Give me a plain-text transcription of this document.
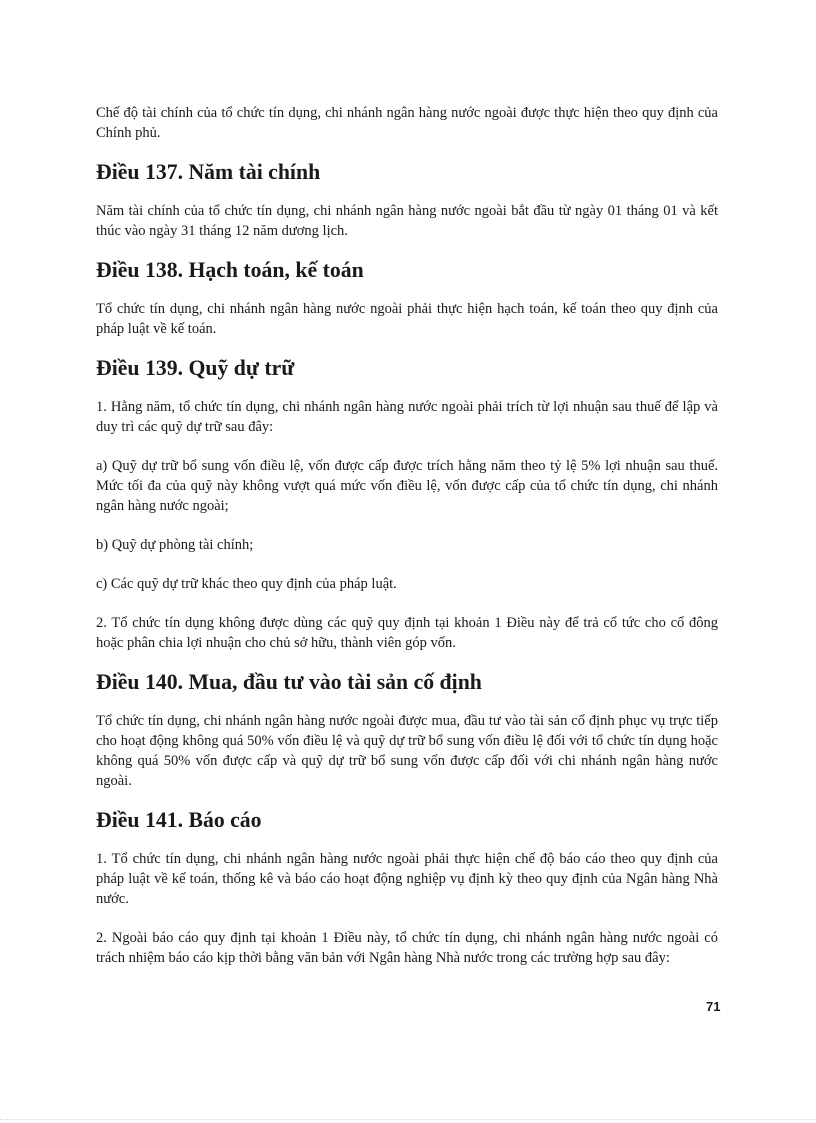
Chế độ tài chính của tổ chức tín dụng, chi nhánh ngân hàng nước ngoài được thực hiện theo quy định của Chính phủ.

Điều 137. Năm tài chính

Năm tài chính của tổ chức tín dụng, chi nhánh ngân hàng nước ngoài bắt đầu từ ngày 01 tháng 01 và kết thúc vào ngày 31 tháng 12 năm dương lịch.

Điều 138. Hạch toán, kế toán

Tổ chức tín dụng, chi nhánh ngân hàng nước ngoài phải thực hiện hạch toán, kế toán theo quy định của pháp luật về kế toán.

Điều 139. Quỹ dự trữ

1. Hằng năm, tổ chức tín dụng, chi nhánh ngân hàng nước ngoài phải trích từ lợi nhuận sau thuế để lập và duy trì các quỹ dự trữ sau đây:

a) Quỹ dự trữ bổ sung vốn điều lệ, vốn được cấp được trích hằng năm theo tỷ lệ 5% lợi nhuận sau thuế. Mức tối đa của quỹ này không vượt quá mức vốn điều lệ, vốn được cấp của tổ chức tín dụng, chi nhánh ngân hàng nước ngoài;

b) Quỹ dự phòng tài chính;

c) Các quỹ dự trữ khác theo quy định của pháp luật.

2. Tổ chức tín dụng không được dùng các quỹ quy định tại khoản 1 Điều này để trả cổ tức cho cổ đông hoặc phân chia lợi nhuận cho chủ sở hữu, thành viên góp vốn.

Điều 140. Mua, đầu tư vào tài sản cố định

Tổ chức tín dụng, chi nhánh ngân hàng nước ngoài được mua, đầu tư vào tài sản cố định phục vụ trực tiếp cho hoạt động không quá 50% vốn điều lệ và quỹ dự trữ bổ sung vốn điều lệ đối với tổ chức tín dụng hoặc không quá 50% vốn được cấp và quỹ dự trữ bổ sung vốn được cấp đối với chi nhánh ngân hàng nước ngoài.

Điều 141. Báo cáo

1. Tổ chức tín dụng, chi nhánh ngân hàng nước ngoài phải thực hiện chế độ báo cáo theo quy định của pháp luật về kế toán, thống kê và báo cáo hoạt động nghiệp vụ định kỳ theo quy định của Ngân hàng Nhà nước.

2. Ngoài báo cáo quy định tại khoản 1 Điều này, tổ chức tín dụng, chi nhánh ngân hàng nước ngoài có trách nhiệm báo cáo kịp thời bằng văn bản với Ngân hàng Nhà nước trong các trường hợp sau đây:

71
